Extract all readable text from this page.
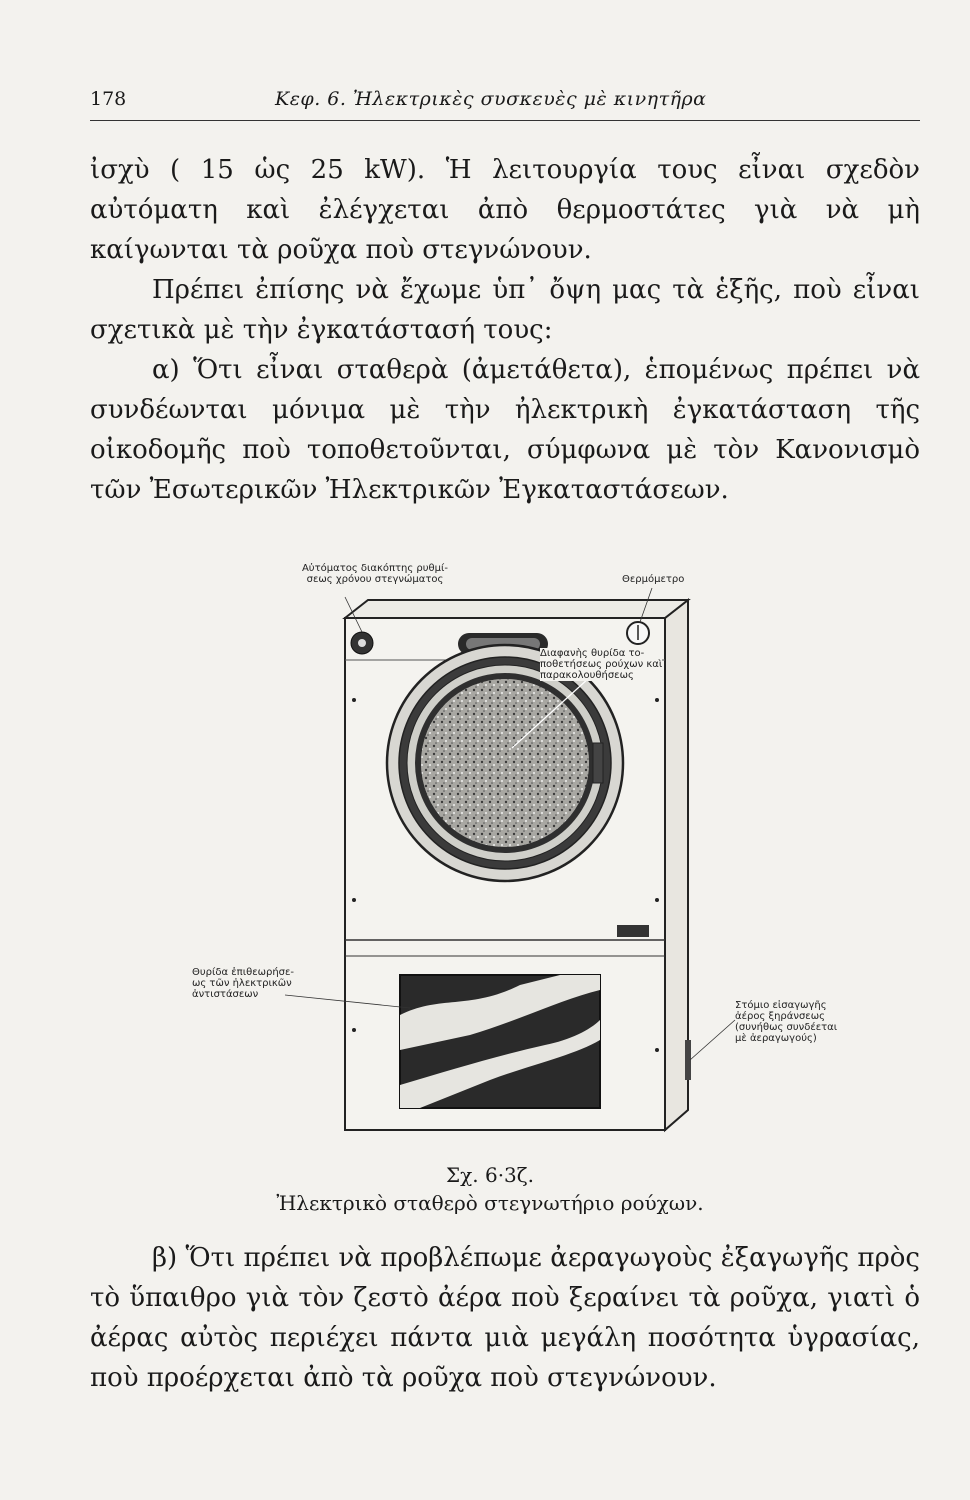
178	Κεφ. 6. Ἠλεκτρικὲς συσκευὲς μὲ κινητῆρα

ἰσχὺ ( 15 ὡς 25 kW). Ἡ λειτουργία τους εἶναι σχεδὸν αὐτόματη καὶ ἐλέγχεται ἀπὸ θερμοστάτες γιὰ νὰ μὴ καίγωνται τὰ ροῦχα ποὺ στεγνώνουν.

Πρέπει ἐπίσης νὰ ἔχωμε ὑπ᾿ ὄψη μας τὰ ἑξῆς, ποὺ εἶναι σχετικὰ μὲ τὴν ἐγκατάστασή τους:

α) Ὅτι εἶναι σταθερὰ (ἀμετάθετα), ἑπομένως πρέπει νὰ συνδέωνται μόνιμα μὲ τὴν ἠλεκτρικὴ ἐγκατάσταση τῆς οἰκοδομῆς ποὺ τοποθετοῦνται, σύμφωνα μὲ τὸν Κανονισμὸ τῶν Ἐσωτερικῶν Ἠλεκτρικῶν Ἐγκαταστάσεων.

Αὐτόματος διακόπτης ρυθμί-
σεως χρόνου στεγνώματος	Θερμόμετρο
Διαφανὴς θυρίδα το-
ποθετήσεως ρούχων καὶ
παρακολουθήσεως
Θυρίδα ἐπιθεωρήσε-
ως τῶν ἠλεκτρικῶν
ἀντιστάσεων
Στόμιο εἰσαγωγῆς
ἀέρος ξηράνσεως
(συνήθως συνδέεται
μὲ ἀεραγωγούς)
Σχ. 6·3ζ.
Ἠλεκτρικὸ σταθερὸ στεγνωτήριο ρούχων.

β) Ὅτι πρέπει νὰ προβλέπωμε ἀεραγωγοὺς ἐξαγωγῆς πρὸς τὸ ὕπαιθρο γιὰ τὸν ζεστὸ ἀέρα ποὺ ξεραίνει τὰ ροῦχα, γιατὶ ὁ ἀέρας αὐτὸς περιέχει πάντα μιὰ μεγάλη ποσότητα ὑγρασίας, ποὺ προέρχεται ἀπὸ τὰ ροῦχα ποὺ στεγνώνουν.
